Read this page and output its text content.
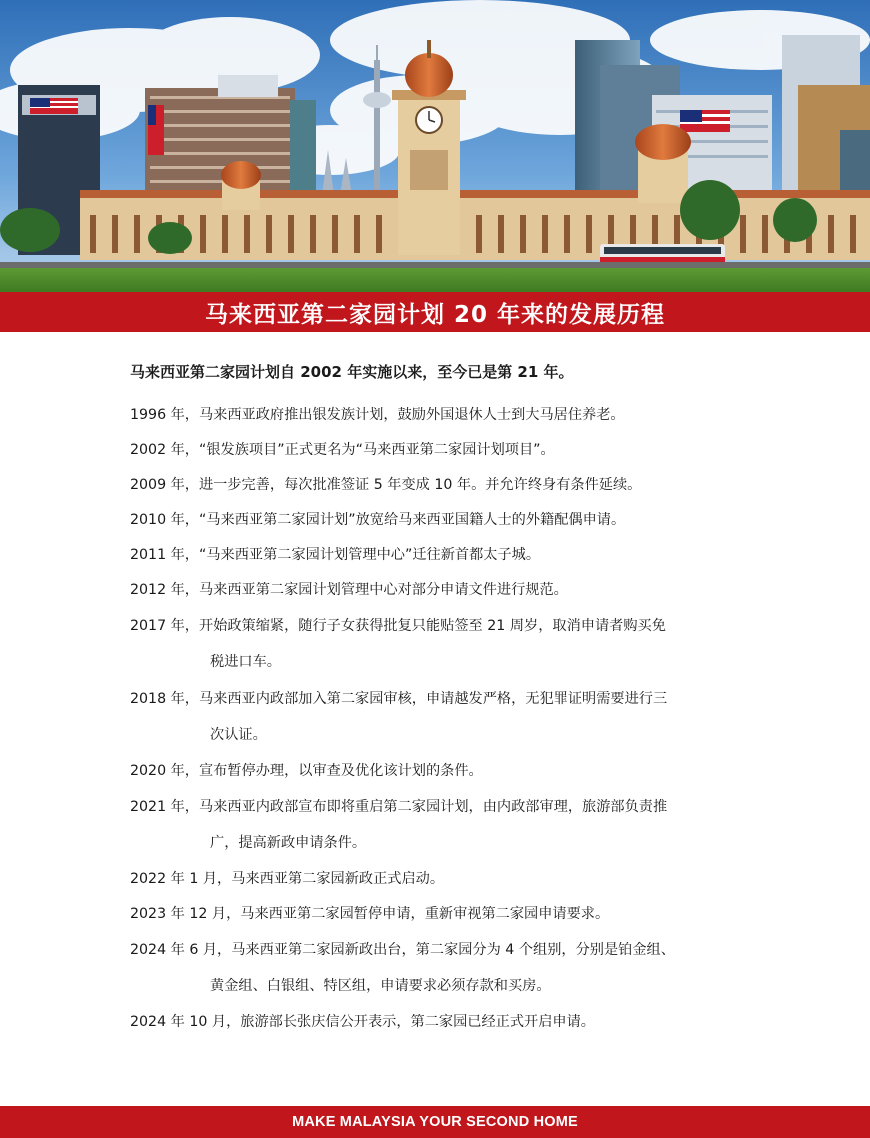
马来西亚第二家园计划 20 年来的发展历程

马来西亚第二家园计划自 2002 年实施以来，至今已是第 21 年。

1996 年，马来西亚政府推出银发族计划，鼓励外国退休人士到大马居住养老。
2002 年，“银发族项目”正式更名为“马来西亚第二家园计划项目”。
2009 年，进一步完善，每次批准签证 5 年变成 10 年。并允许终身有条件延续。
2010 年，“马来西亚第二家园计划”放宽给马来西亚国籍人士的外籍配偶申请。
2011 年，“马来西亚第二家园计划管理中心”迁往新首都太子城。
2012 年，马来西亚第二家园计划管理中心对部分申请文件进行规范。
2017 年，开始政策缩紧，随行子女获得批复只能贴签至 21 周岁，取消申请者购买免
税进口车。
2018 年，马来西亚内政部加入第二家园审核，申请越发严格，无犯罪证明需要进行三
次认证。
2020 年，宣布暂停办理，以审查及优化该计划的条件。
2021 年，马来西亚内政部宣布即将重启第二家园计划，由内政部审理，旅游部负责推
广，提高新政申请条件。
2022 年 1 月，马来西亚第二家园新政正式启动。
2023 年 12 月，马来西亚第二家园暂停申请，重新审视第二家园申请要求。
2024 年 6 月，马来西亚第二家园新政出台，第二家园分为 4 个组别，分别是铂金组、
黄金组、白银组、特区组，申请要求必须存款和买房。
2024 年 10 月，旅游部长张庆信公开表示，第二家园已经正式开启申请。
MAKE MALAYSIA YOUR SECOND HOME
